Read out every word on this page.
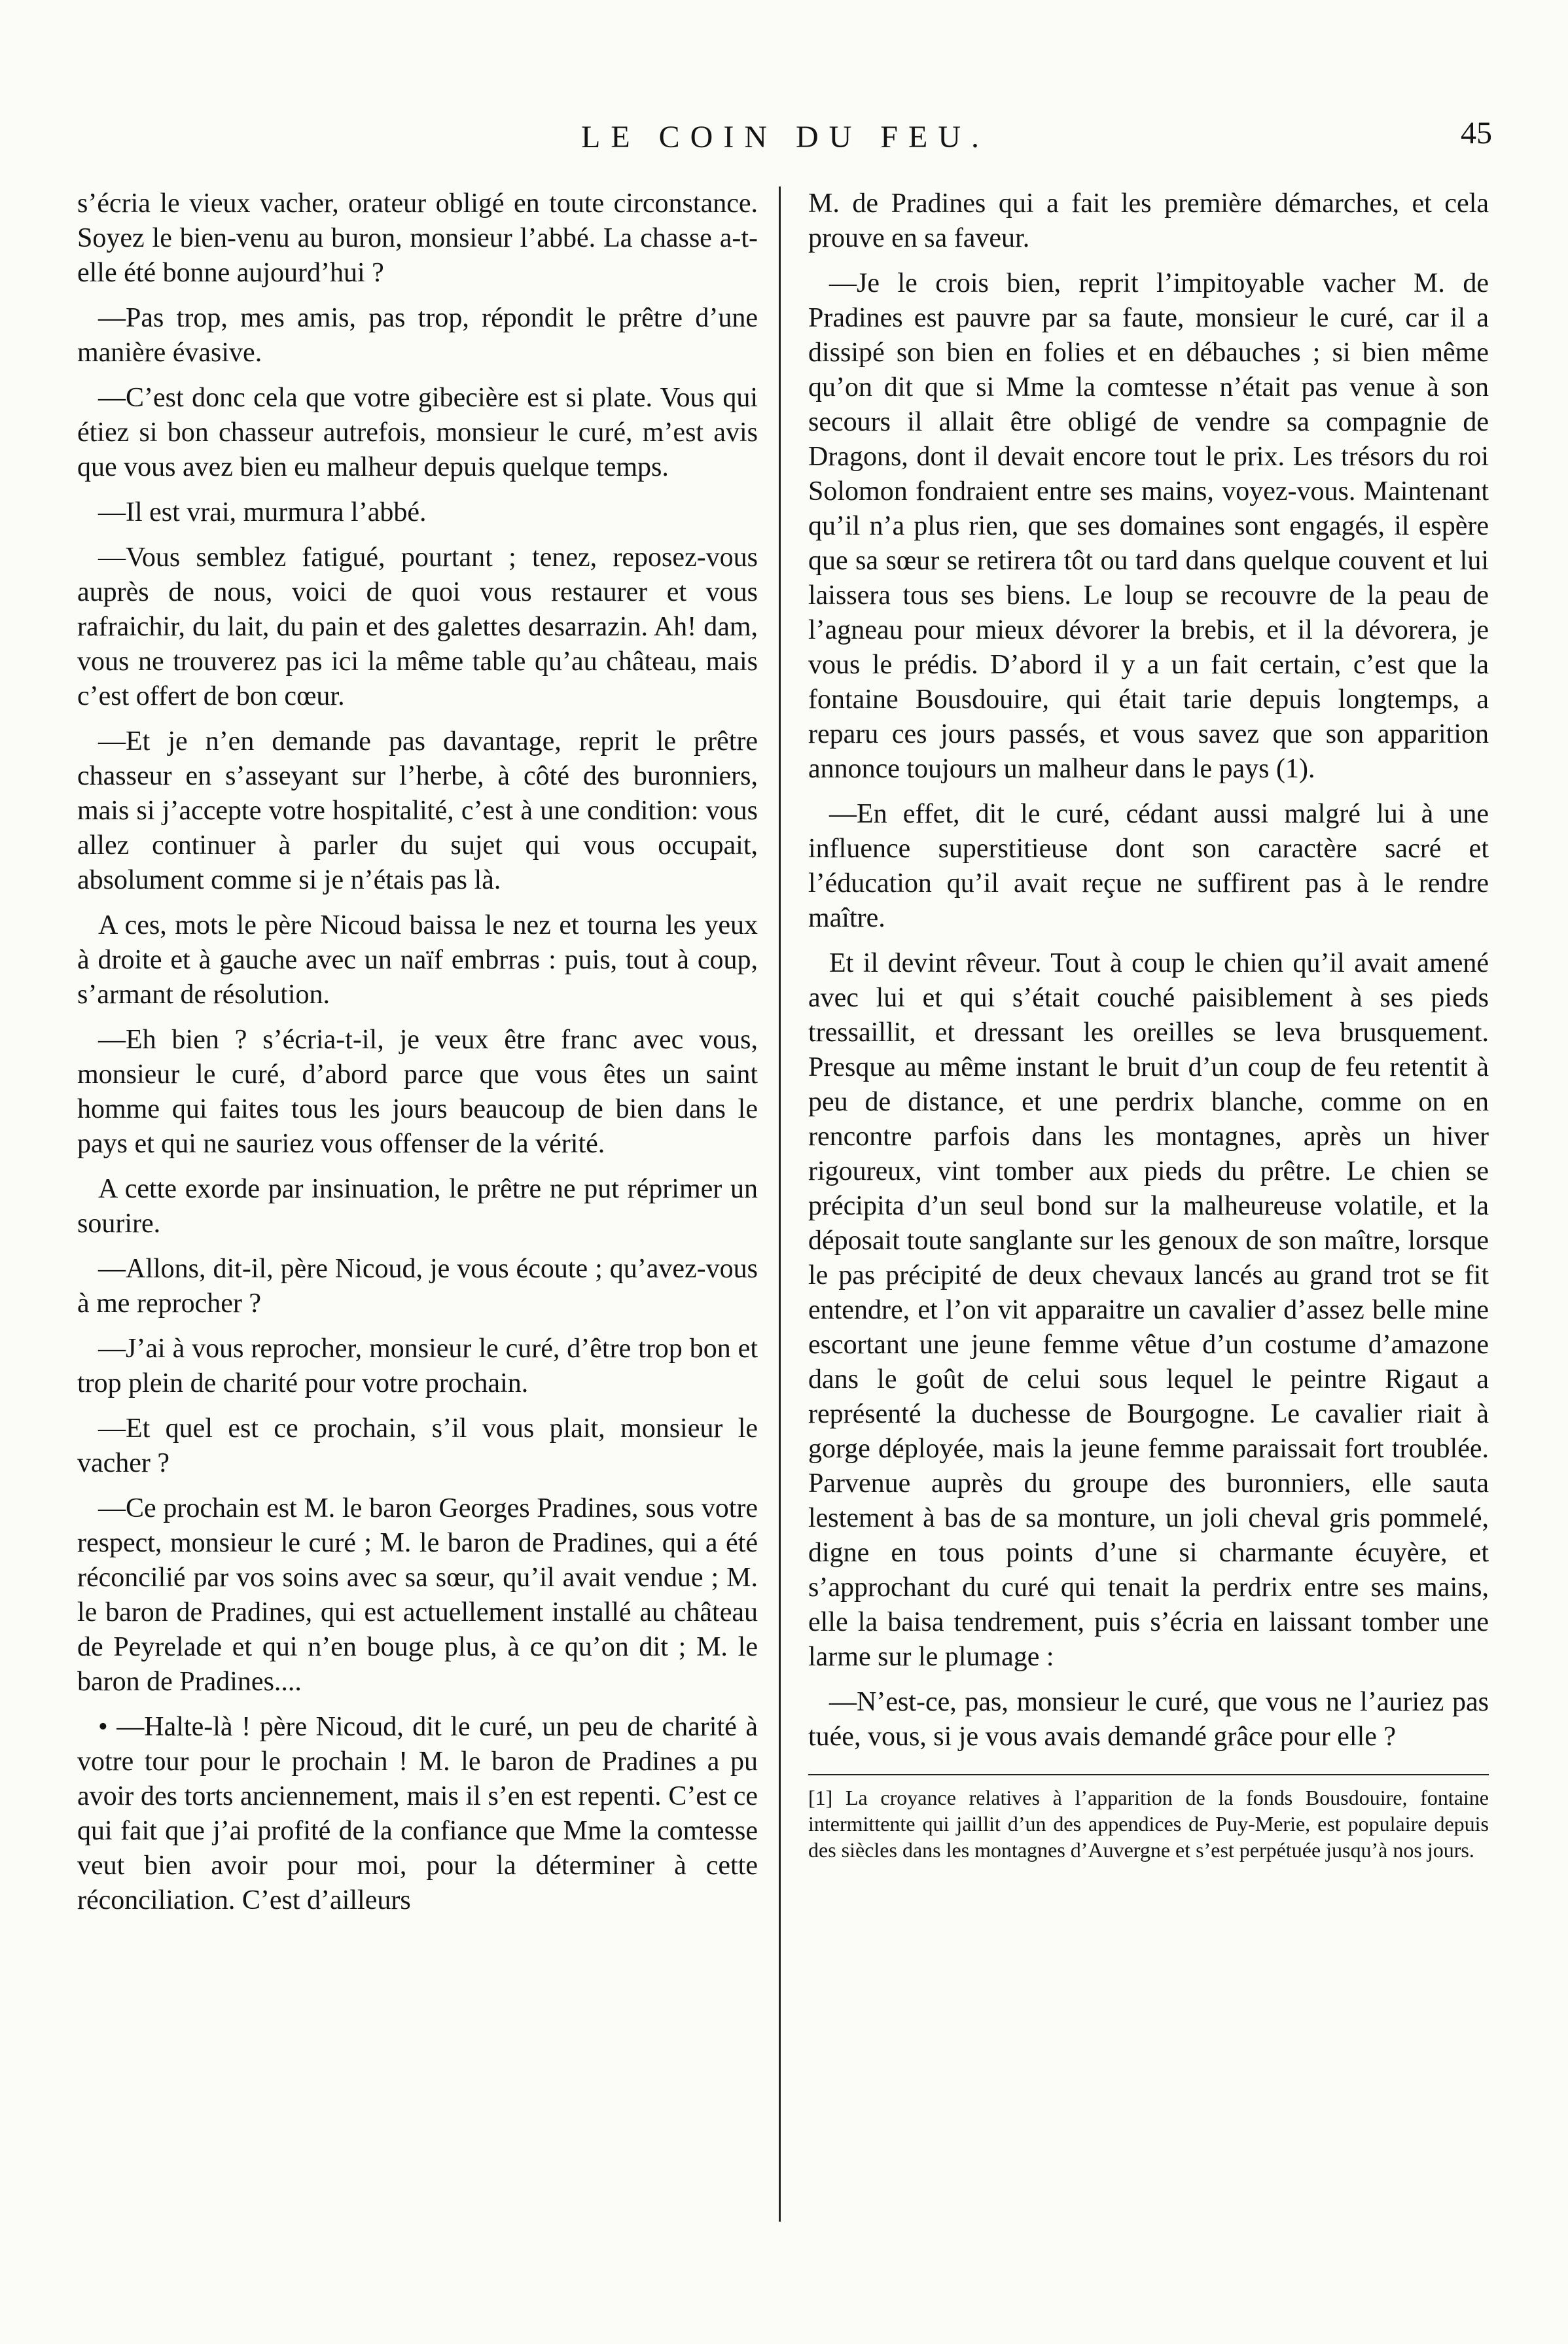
LE COIN DU FEU.	45

s’écria le vieux vacher, orateur obligé en toute circonstance. Soyez le bien-venu au buron, monsieur l’abbé. La chasse a-t-elle été bonne aujourd’hui ?

—Pas trop, mes amis, pas trop, répondit le prêtre d’une manière évasive.

—C’est donc cela que votre gibecière est si plate. Vous qui étiez si bon chasseur autrefois, monsieur le curé, m’est avis que vous avez bien eu malheur depuis quelque temps.

—Il est vrai, murmura l’abbé.

—Vous semblez fatigué, pourtant ; tenez, reposez-vous auprès de nous, voici de quoi vous restaurer et vous rafraichir, du lait, du pain et des galettes desarrazin. Ah! dam, vous ne trouverez pas ici la même table qu’au château, mais c’est offert de bon cœur.

—Et je n’en demande pas davantage, reprit le prêtre chasseur en s’asseyant sur l’herbe, à côté des buronniers, mais si j’accepte votre hospitalité, c’est à une condition: vous allez continuer à parler du sujet qui vous occupait, absolument comme si je n’étais pas là.

A ces, mots le père Nicoud baissa le nez et tourna les yeux à droite et à gauche avec un naïf embrras : puis, tout à coup, s’armant de résolution.

—Eh bien ? s’écria-t-il, je veux être franc avec vous, monsieur le curé, d’abord parce que vous êtes un saint homme qui faites tous les jours beaucoup de bien dans le pays et qui ne sauriez vous offenser de la vérité.

A cette exorde par insinuation, le prêtre ne put réprimer un sourire.

—Allons, dit-il, père Nicoud, je vous écoute ; qu’avez-vous à me reprocher ?

—J’ai à vous reprocher, monsieur le curé, d’être trop bon et trop plein de charité pour votre prochain.

—Et quel est ce prochain, s’il vous plait, monsieur le vacher ?

—Ce prochain est M. le baron Georges Pradines, sous votre respect, monsieur le curé ; M. le baron de Pradines, qui a été réconcilié par vos soins avec sa sœur, qu’il avait vendue ; M. le baron de Pradines, qui est actuellement installé au château de Peyrelade et qui n’en bouge plus, à ce qu’on dit ; M. le baron de Pradines....

• —Halte-là ! père Nicoud, dit le curé, un peu de charité à votre tour pour le prochain ! M. le baron de Pradines a pu avoir des torts anciennement, mais il s’en est repenti. C’est ce qui fait que j’ai profité de la confiance que Mme la comtesse veut bien avoir pour moi, pour la déterminer à cette réconciliation. C’est d’ailleurs

M. de Pradines qui a fait les première démarches, et cela prouve en sa faveur.

—Je le crois bien, reprit l’impitoyable vacher M. de Pradines est pauvre par sa faute, monsieur le curé, car il a dissipé son bien en folies et en débauches ; si bien même qu’on dit que si Mme la comtesse n’était pas venue à son secours il allait être obligé de vendre sa compagnie de Dragons, dont il devait encore tout le prix. Les trésors du roi Solomon fondraient entre ses mains, voyez-vous. Maintenant qu’il n’a plus rien, que ses domaines sont engagés, il espère que sa sœur se retirera tôt ou tard dans quelque couvent et lui laissera tous ses biens. Le loup se recouvre de la peau de l’agneau pour mieux dévorer la brebis, et il la dévorera, je vous le prédis. D’abord il y a un fait certain, c’est que la fontaine Bousdouire, qui était tarie depuis longtemps, a reparu ces jours passés, et vous savez que son apparition annonce toujours un malheur dans le pays (1).

—En effet, dit le curé, cédant aussi malgré lui à une influence superstitieuse dont son caractère sacré et l’éducation qu’il avait reçue ne suffirent pas à le rendre maître.

Et il devint rêveur. Tout à coup le chien qu’il avait amené avec lui et qui s’était couché paisiblement à ses pieds tressaillit, et dressant les oreilles se leva brusquement. Presque au même instant le bruit d’un coup de feu retentit à peu de distance, et une perdrix blanche, comme on en rencontre parfois dans les montagnes, après un hiver rigoureux, vint tomber aux pieds du prêtre. Le chien se précipita d’un seul bond sur la malheureuse volatile, et la déposait toute sanglante sur les genoux de son maître, lorsque le pas précipité de deux chevaux lancés au grand trot se fit entendre, et l’on vit apparaitre un cavalier d’assez belle mine escortant une jeune femme vêtue d’un costume d’amazone dans le goût de celui sous lequel le peintre Rigaut a représenté la duchesse de Bourgogne. Le cavalier riait à gorge déployée, mais la jeune femme paraissait fort troublée. Parvenue auprès du groupe des buronniers, elle sauta lestement à bas de sa monture, un joli cheval gris pommelé, digne en tous points d’une si charmante écuyère, et s’approchant du curé qui tenait la perdrix entre ses mains, elle la baisa tendrement, puis s’écria en laissant tomber une larme sur le plumage :

—N’est-ce, pas, monsieur le curé, que vous ne l’auriez pas tuée, vous, si je vous avais demandé grâce pour elle ?

[1] La croyance relatives à l’apparition de la fonds Bousdouire, fontaine intermittente qui jaillit d’un des appendices de Puy-Merie, est populaire depuis des siècles dans les montagnes d’Auvergne et s’est perpétuée jusqu’à nos jours.
